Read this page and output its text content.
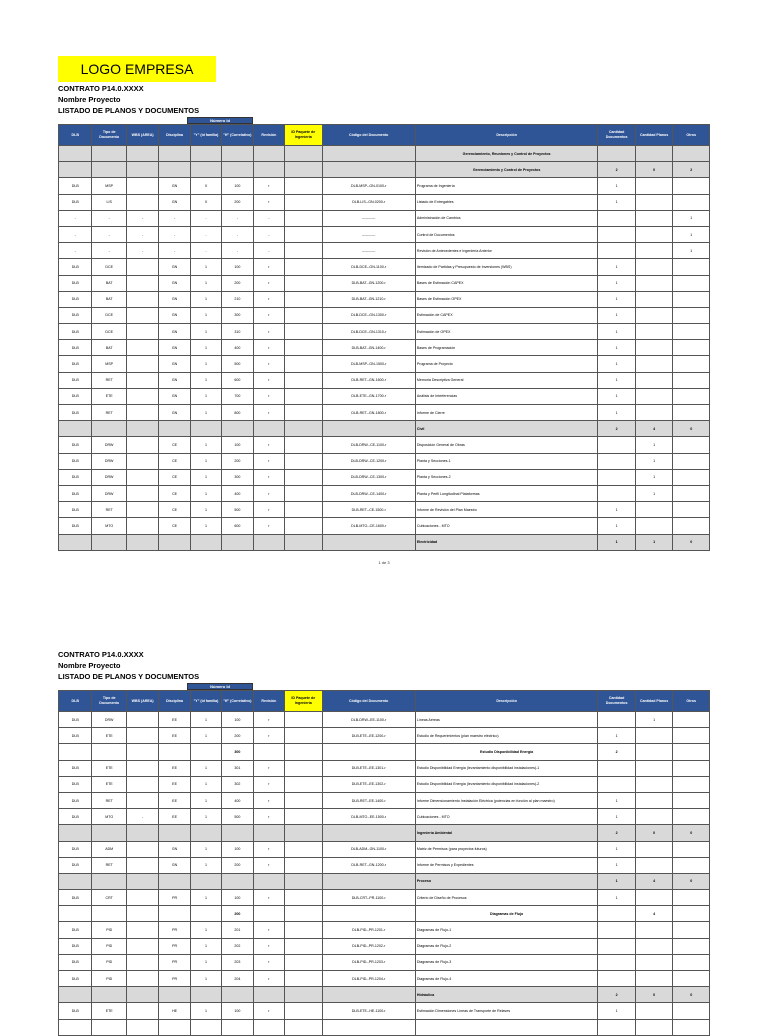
LOGO EMPRESA
CONTRATO P14.0.XXXX
Nombre Proyecto
LISTADO DE PLANOS Y DOCUMENTOS
Número Id
DLB	Tipo de Documento	WBS (AREA)	Disciplina	"Y" (id familia)	"ff" (Correlativo)	Revisión	ID Paquete de Ingeniería	Código del Documento	Descripción	Cantidad Documentos	Cantidad Planos	Otros
									Gerenciamiento, Reuniones y Control de Proyectos			
									Gerenciamiento y Control de Proyectos	2	0	2
DLB	MSP		GN	0	100	r		DLB-MSP--GN-0100-r	Programa de Ingeniería	1		
DLB	LIS		GN	0	200	r		DLB-LIS--GN-0200-r	Listado de Entregables	1		
-	-	-	-	-	-	-		-----------	Administración de Cambios			1
-	-	-	-	-	-	-		-----------	Control de Documentos			1
-	-	-	-	-	-	-		-----------	Revisión de Antecedentes e Ingeniería Anterior			1
DLB	DCE		GN	1	100	r		DLB-DCE--GN-1100-r	Itemizado de Partidas y Presupuesto de Inversiones (WBS)	1		
DLB	BAT		GN	1	200	r		DLB-BAT--GN-1200-r	Bases de Estimación CAPEX	1		
DLB	BAT		GN	1	210	r		DLB-BAT--GN-1210-r	Bases de Estimación OPEX	1		
DLB	DCE		GN	1	300	r		DLB-DCE--GN-1300-r	Estimación de CAPEX	1		
DLB	DCE		GN	1	310	r		DLB-DCE--GN-1310-r	Estimación de OPEX	1		
DLB	BAT		GN	1	400	r		DLB-BAT--GN-1400-r	Bases de Programación	1		
DLB	MSP		GN	1	500	r		DLB-MSP--GN-1500-r	Programa de Proyecto	1		
DLB	RET		GN	1	600	r		DLB-RET--GN-1600-r	Memoria Descriptiva General	1		
DLB	ETE		GN	1	700	r		DLB-ETE--GN-1700-r	Análisis de Interferencias	1		
DLB	RET		GN	1	800	r		DLB-RET--GN-1800-r	Informe de Cierre	1		
									Civil	2	4	0
DLB	DRW		CE	1	100	r		DLB-DRW--CE-1100-r	Disposición General de Obras		1	
DLB	DRW		CE	1	200	r		DLB-DRW--CE-1200-r	Planta y Secciones-1		1	
DLB	DRW		CE	1	300	r		DLB-DRW--CE-1300-r	Planta y Secciones-2		1	
DLB	DRW		CE	1	400	r		DLB-DRW--CE-1400-r	Planta y Perfil Longitudinal Plataformas		1	
DLB	RET		CE	1	500	r		DLB-RET--CE-1500-r	Informe de Revisión del Plan Maestro	1		
DLB	MTO		CE	1	600	r		DLB-MTO--CE-1600-r	Cubicaciones - MTO	1		
									Electricidad	1	1	0
1 de 3
CONTRATO P14.0.XXXX
Nombre Proyecto
LISTADO DE PLANOS Y DOCUMENTOS
Número Id
DLB	Tipo de Documento	WBS (AREA)	Disciplina	"Y" (id familia)	"ff" (Correlativo)	Revisión	ID Paquete de Ingeniería	Código del Documento	Descripción	Cantidad Documentos	Cantidad Planos	Otros
DLB	DRW		EE	1	100	r		DLB-DRW--EE-1100-r	Líneas Aéreas		1	
DLB	ETE		EE	1	200	r		DLB-ETE--EE-1200-r	Estudio de Requerimientos (plan maestro eléctrico)	1		
					300				Estudio Disponibilidad Energía	2		
DLB	ETE		EE	1	301	r		DLB-ETE--EE-1301-r	Estudio Disponibilidad Energía (levantamiento disponibilidad instalaciones)-1			
DLB	ETE		EE	1	302	r		DLB-ETE--EE-1302-r	Estudio Disponibilidad Energía (levantamiento disponibilidad instalaciones)-2			
DLB	RET		EE	1	400	r		DLB-RET--EE-1400-r	Informe Dimensionamiento Instalación Eléctrica (potencias en función al plan maestro)	1		
DLB	MTO	-	EE	1	500	r		DLB-MTO--EE-1500-r	Cubicaciones - MTO	1		
									Ingeniería Ambiental	2	0	0
DLB	ADM		GN	1	100	r		DLB-ADM--GN-1100-r	Matriz de Permisos (para proyectos futuros)	1		
DLB	RET		GN	1	200	r		DLB-RET--GN-1200-r	Informe de Permisos y Expedientes	1		
									Proceso	1	4	0
DLB	CRT		PR	1	100	r		DLB-CRT--PR-1100-r	Criterio de Diseño de Procesos	1		
					200				Diagramas de Flujo		4	
DLB	PID		PR	1	201	r		DLB-PID--PR-1201-r	Diagramas de Flujo-1			
DLB	PID		PR	1	202	r		DLB-PID--PR-1202-r	Diagramas de Flujo-2			
DLB	PID		PR	1	203	r		DLB-PID--PR-1203-r	Diagramas de Flujo-3			
DLB	PID		PR	1	204	r		DLB-PID--PR-1204-r	Diagramas de Flujo-4			
									Hidráulica	2	0	0
DLB	ETE		HE	1	100	r		DLB-ETE--HE-1100-r	Estimación Dimensiones Líneas de Transporte de Relaves	1		
